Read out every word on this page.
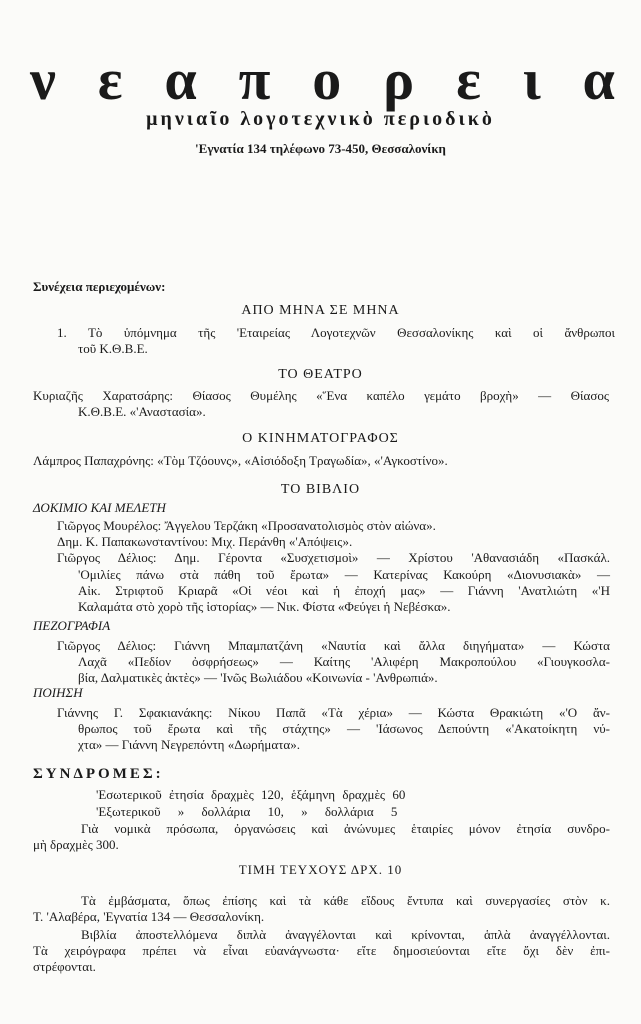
ν ε α π ο ρ ε ι α
μηνιαῖο λογοτεχνικὸ περιοδικὸ
'Εγνατία 134 τηλέφωνο 73-450, Θεσσαλονίκη
Συνέχεια περιεχομένων:
ΑΠΟ ΜΗΝΑ ΣΕ ΜΗΝΑ
1. Τὸ ὑπόμνημα τῆς 'Εταιρείας Λογοτεχνῶν Θεσσαλονίκης καὶ οἱ ἄνθρωποι
τοῦ Κ.Θ.Β.Ε.
ΤΟ ΘΕΑΤΡΟ
Κυριαζῆς Χαρατσάρης: Θίασος Θυμέλης «Ἕνα καπέλο γεμάτο βροχὴ» — Θίασος
Κ.Θ.Β.Ε. «'Αναστασία».
Ο ΚΙΝΗΜΑΤΟΓΡΑΦΟΣ
Λάμπρος Παπαχρόνης: «Τὸμ Τζόουνς», «Αἰσιόδοξη Τραγωδία», «'Αγκοστίνο».
ΤΟ ΒΙΒΛΙΟ
ΔΟΚΙΜΙΟ ΚΑΙ ΜΕΛΕΤΗ
Γιῶργος Μουρέλος: Ἄγγελου Τερζάκη «Προσανατολισμὸς στὸν αἰώνα».
Δημ. Κ. Παπακωνσταντίνου: Μιχ. Περάνθη «'Απόψεις».
Γιῶργος Δέλιος: Δημ. Γέροντα «Συσχετισμοὶ» — Χρίστου 'Αθανασιάδη «Πασκάλ.
'Ομιλίες πάνω στὰ πάθη τοῦ ἔρωτα» — Κατερίνας Κακούρη «Διονυσιακὰ» —
Αἰκ. Στριφτοῦ Κριαρᾶ «Οἱ νέοι καὶ ἡ ἐποχή μας» — Γιάννη 'Ανατλιώτη «'Η
Καλαμάτα στὸ χορὸ τῆς ἱστορίας» — Νικ. Φίστα «Φεύγει ἡ Νεβέσκα».
ΠΕΖΟΓΡΑΦΙΑ
Γιῶργος Δέλιος: Γιάννη Μπαμπατζάνη «Ναυτία καὶ ἄλλα διηγήματα» — Κώστα
Λαχᾶ «Πεδίον ὀσφρήσεως» — Καίτης 'Αλιφέρη Μακροπούλου «Γιουγκοσλα-
βία, Δαλματικὲς ἀκτὲς» — 'Ινῶς Βωλιάδου «Κοινωνία - 'Ανθρωπιά».
ΠΟΙΗΣΗ
Γιάννης Γ. Σφακιανάκης: Νίκου Παπᾶ «Τὰ χέρια» — Κώστα Θρακιώτη «'Ο ἄν-
θρωπος τοῦ ἔρωτα καὶ τῆς στάχτης» — 'Ιάσωνος Δεπούντη «'Ακατοίκητη νύ-
χτα» — Γιάννη Νεγρεπόντη «Δωρήματα».
ΣΥΝΔΡΟΜΕΣ:
'Εσωτερικοῦ ἐτησία δραχμὲς 120, ἑξάμηνη δραχμὲς 60
'Εξωτερικοῦ » δολλάρια 10, » δολλάρια 5
Γιὰ νομικὰ πρόσωπα, ὀργανώσεις καὶ ἀνώνυμες ἑταιρίες μόνον ἐτησία συνδρο-
μὴ δραχμὲς 300.
ΤΙΜΗ ΤΕΥΧΟΥΣ ΔΡΧ. 10
Τὰ ἐμβάσματα, ὅπως ἐπίσης καὶ τὰ κάθε εἴδους ἔντυπα καὶ συνεργασίες στὸν κ.
Τ. 'Αλαβέρα, 'Εγνατία 134 — Θεσσαλονίκη.
Βιβλία ἀποστελλόμενα διπλὰ ἀναγγέλονται καὶ κρίνονται, ἁπλὰ ἀναγγέλλονται.
Τὰ χειρόγραφα πρέπει νὰ εἶναι εὐανάγνωστα· εἴτε δημοσιεύονται εἴτε ὄχι δὲν ἐπι-
στρέφονται.
